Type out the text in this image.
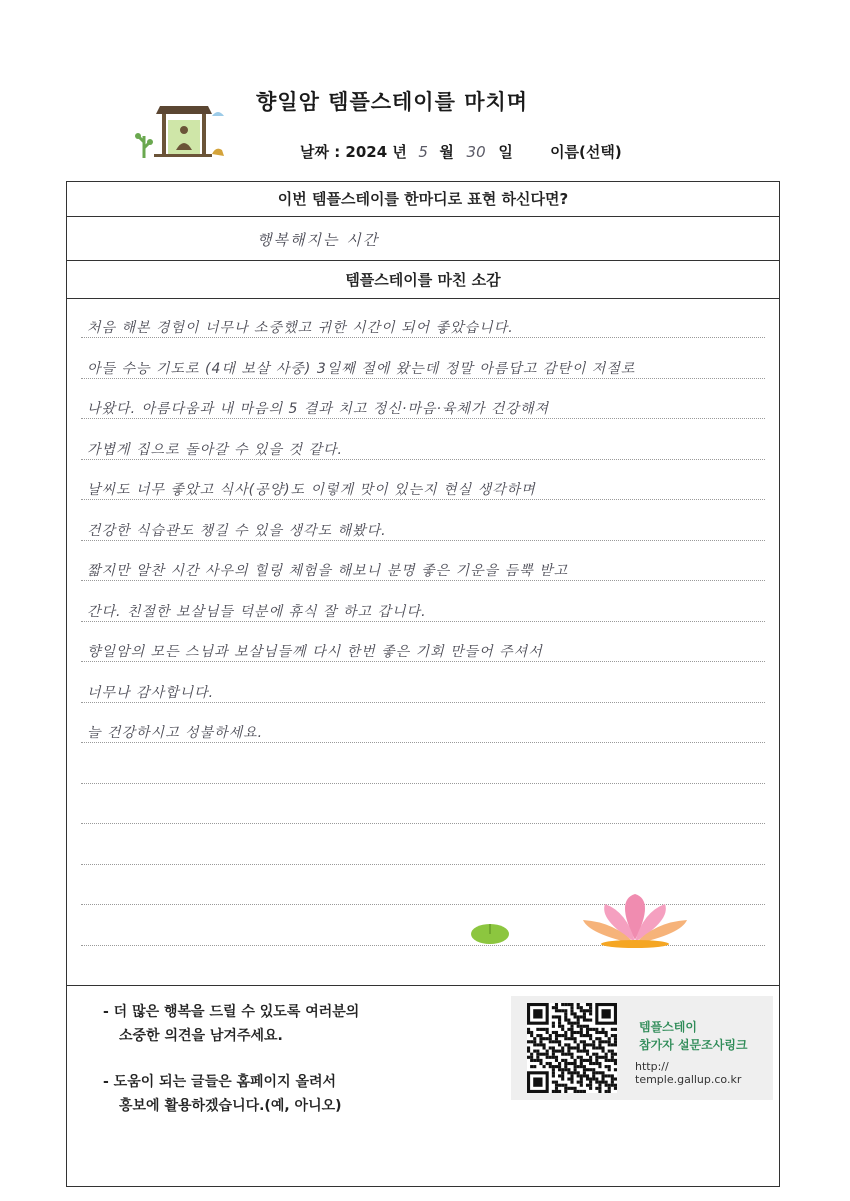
향일암 템플스테이를 마치며
날짜 : 2024 년 5 월 30 일 이름(선택)
이번 템플스테이를 한마디로 표현 하신다면?
행복해지는 시간
템플스테이를 마친 소감
처음 해본 경험이 너무나 소중했고 귀한 시간이 되어 좋았습니다.
아들 수능 기도로 (4대 보살 사중) 3일째 절에 왔는데 정말 아름답고 감탄이 저절로
나왔다. 아름다움과 내 마음의 5 결과 치고 정신·마음·육체가 건강해져
가볍게 집으로 돌아갈 수 있을 것 같다.
날씨도 너무 좋았고 식사(공양)도 이렇게 맛이 있는지 현실 생각하며
건강한 식습관도 챙길 수 있을 생각도 해봤다.
짧지만 알찬 시간 사우의 힐링 체험을 해보니 분명 좋은 기운을 듬뿍 받고
간다. 친절한 보살님들 덕분에 휴식 잘 하고 갑니다.
향일암의 모든 스님과 보살님들께 다시 한번 좋은 기회 만들어 주셔서
너무나 감사합니다.
늘 건강하시고 성불하세요.
- 더 많은 행복을 드릴 수 있도록 여러분의
소중한 의견을 남겨주세요.
- 도움이 되는 글들은 홈페이지 올려서
홍보에 활용하겠습니다.(예, 아니오)
템플스테이
참가자 설문조사링크
http:// temple.gallup.co.kr
